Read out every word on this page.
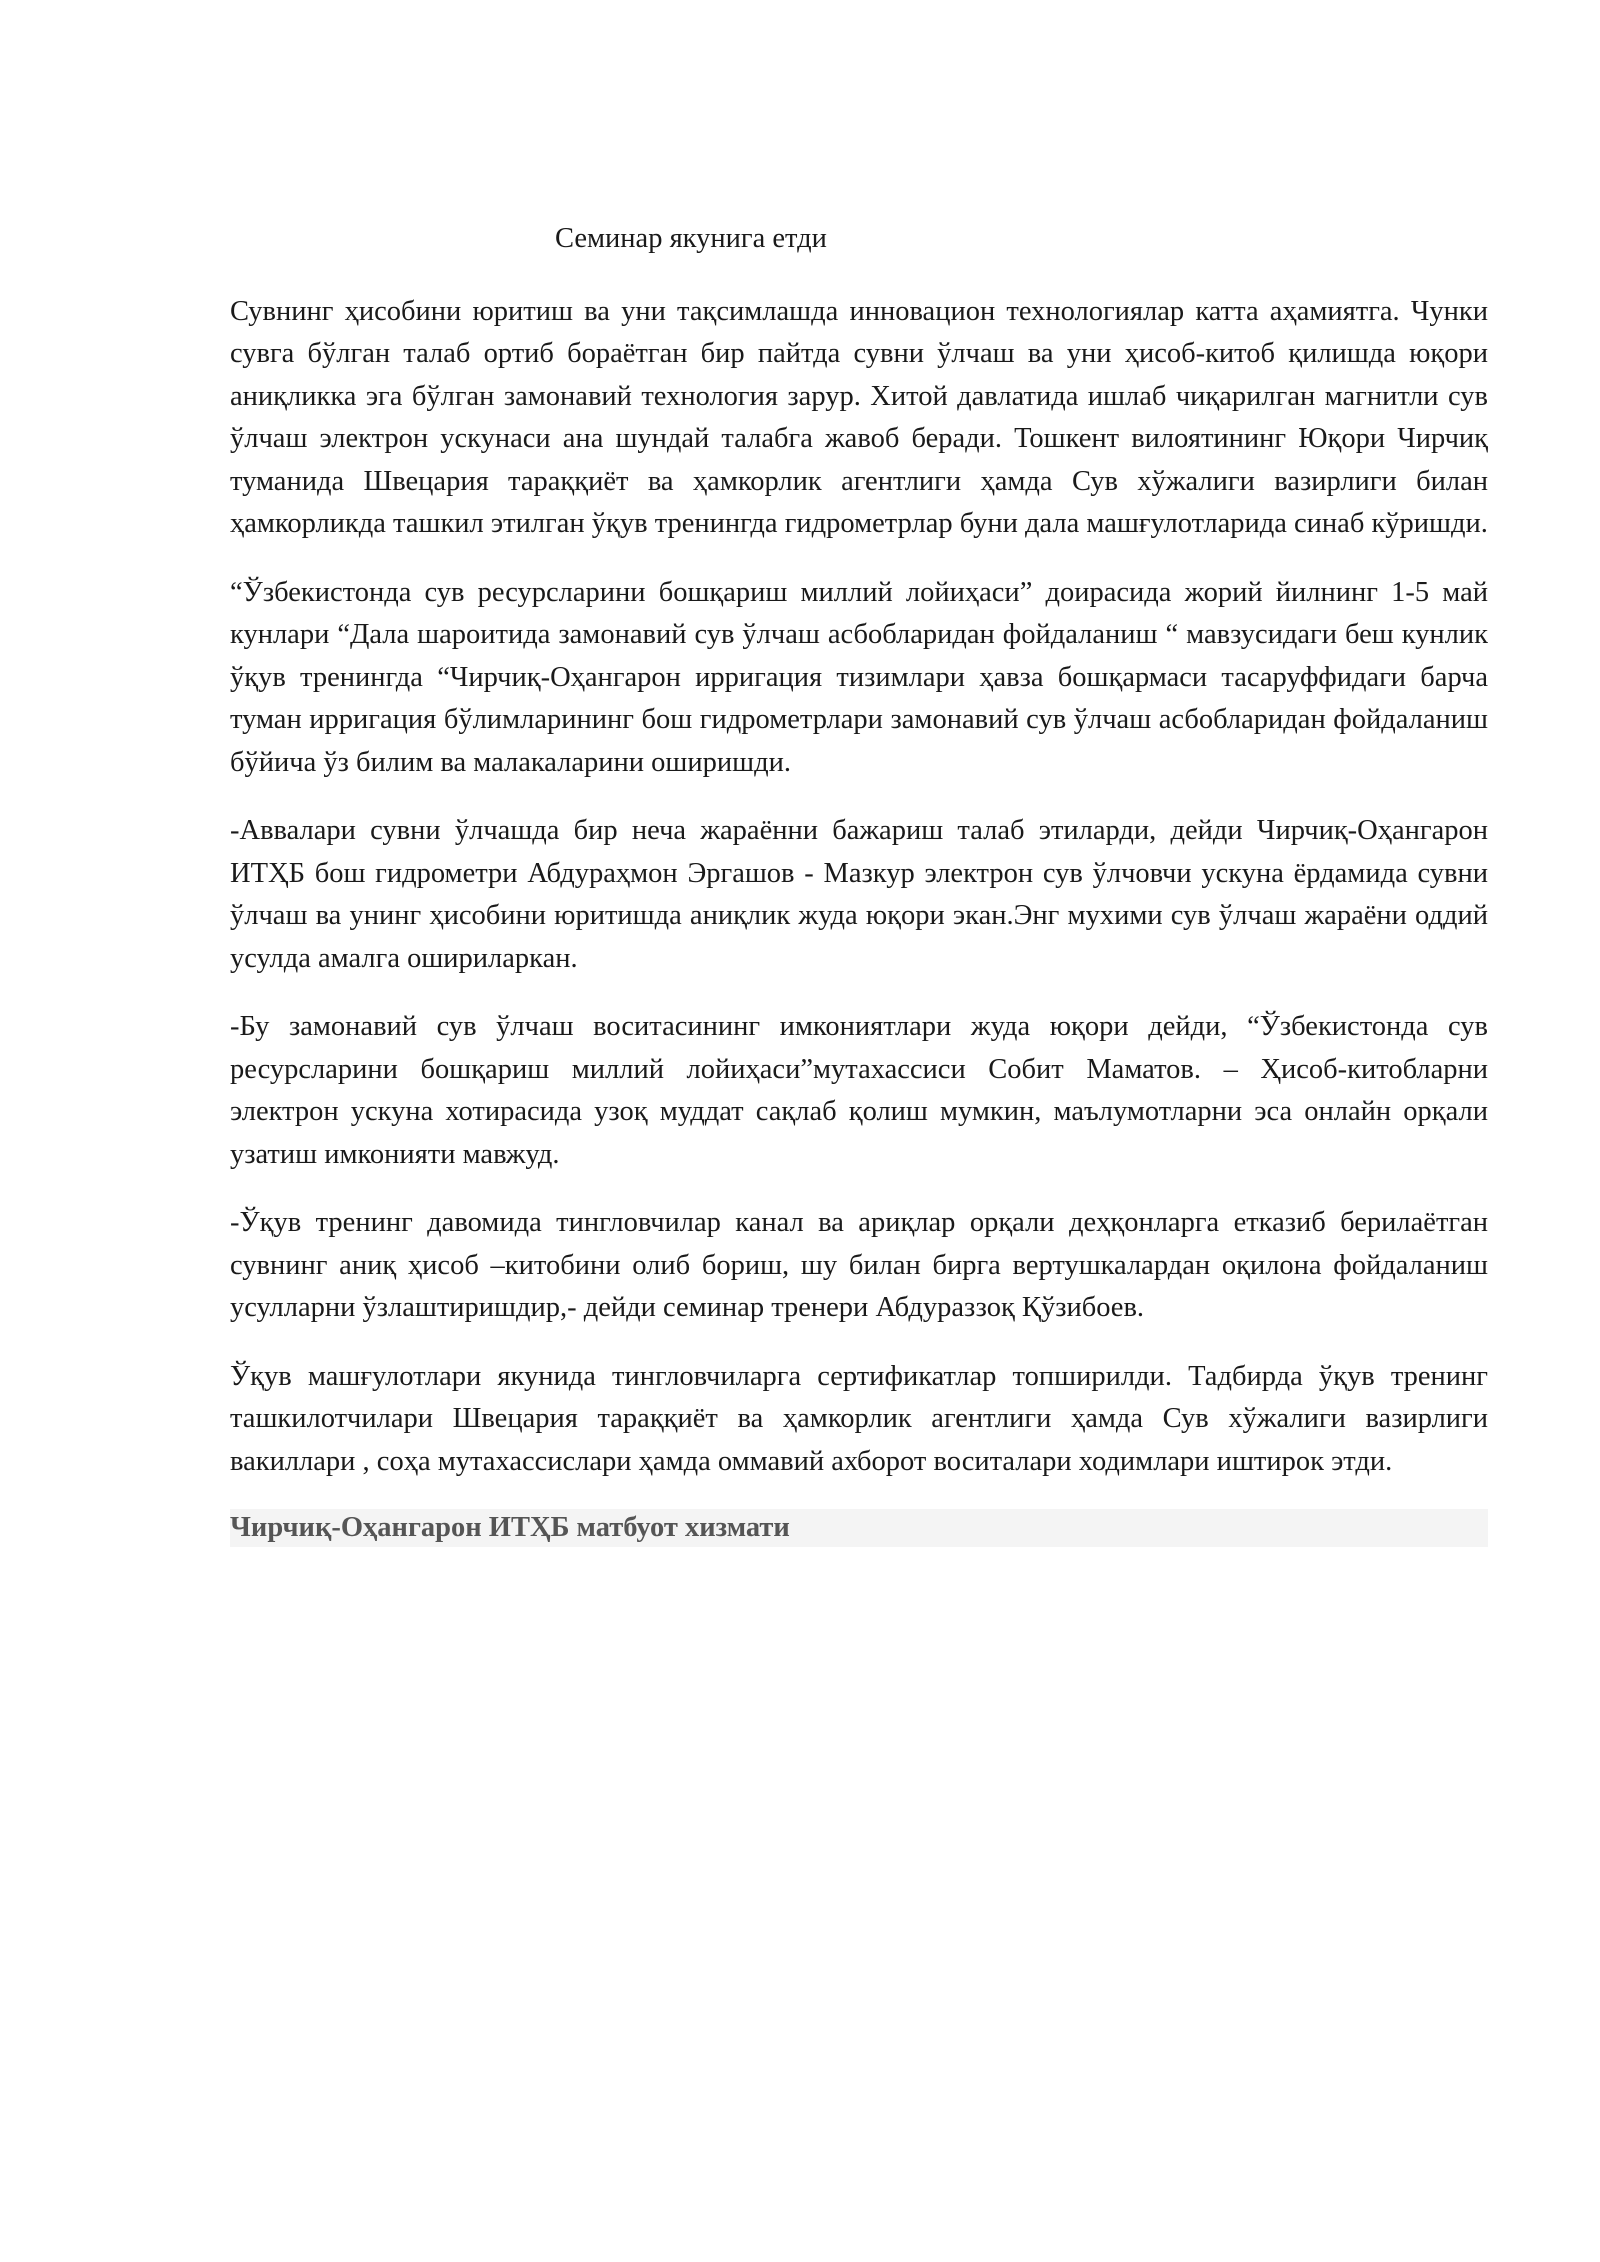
Семинар якунига етди

Сувнинг ҳисобини юритиш ва уни тақсимлашда инновацион технологиялар катта аҳамиятга. Чунки сувга бўлган талаб ортиб бораётган бир пайтда сувни ўлчаш ва уни ҳисоб-китоб қилишда юқори аниқликка эга бўлган замонавий технология зарур. Хитой давлатида ишлаб чиқарилган магнитли сув ўлчаш электрон ускунаси ана шундай талабга жавоб беради. Тошкент вилоятининг Юқори Чирчиқ туманида Швецария тараққиёт ва ҳамкорлик агентлиги ҳамда Сув хўжалиги вазирлиги билан ҳамкорликда ташкил этилган ўқув тренингда гидрометрлар буни дала машғулотларида синаб кўришди.

“Ўзбекистонда сув ресурсларини бошқариш миллий лойиҳаси” доирасида жорий йилнинг 1-5 май кунлари “Дала шароитида замонавий сув ўлчаш асбобларидан фойдаланиш “ мавзусидаги беш кунлик ўқув тренингда “Чирчиқ-Оҳангарон ирригация тизимлари ҳавза бошқармаси тасаруффидаги барча туман ирригация бўлимларининг бош гидрометрлари замонавий сув ўлчаш асбобларидан фойдаланиш бўйича ўз билим ва малакаларини оширишди.

-Аввалари сувни ўлчашда бир неча жараённи бажариш талаб этиларди, дейди Чирчиқ-Оҳангарон ИТҲБ бош гидрометри Абдураҳмон Эргашов - Мазкур электрон сув ўлчовчи ускуна ёрдамида сувни ўлчаш ва унинг ҳисобини юритишда аниқлик жуда юқори экан.Энг мухими сув ўлчаш жараёни оддий усулда амалга ошириларкан.

-Бу замонавий сув ўлчаш воситасининг имкониятлари жуда юқори дейди, “Ўзбекистонда сув ресурсларини бошқариш миллий лойиҳаси”мутахассиси Собит Маматов. – Ҳисоб-китобларни электрон ускуна хотирасида узоқ муддат сақлаб қолиш мумкин, маълумотларни эса онлайн орқали узатиш имконияти мавжуд.

-Ўқув тренинг давомида тингловчилар канал ва ариқлар орқали деҳқонларга етказиб берилаётган сувнинг аниқ ҳисоб –китобини олиб бориш, шу билан бирга вертушкалардан оқилона фойдаланиш усулларни ўзлаштиришдир,- дейди семинар тренери Абдураззоқ Қўзибоев.

Ўқув машғулотлари якунида тингловчиларга сертификатлар топширилди. Тадбирда ўқув тренинг ташкилотчилари Швецария тараққиёт ва ҳамкорлик агентлиги ҳамда Сув хўжалиги вазирлиги вакиллари , соҳа мутахассислари ҳамда оммавий ахборот воситалари ходимлари иштирок этди.

Чирчиқ-Оҳангарон ИТҲБ матбуот хизмати
